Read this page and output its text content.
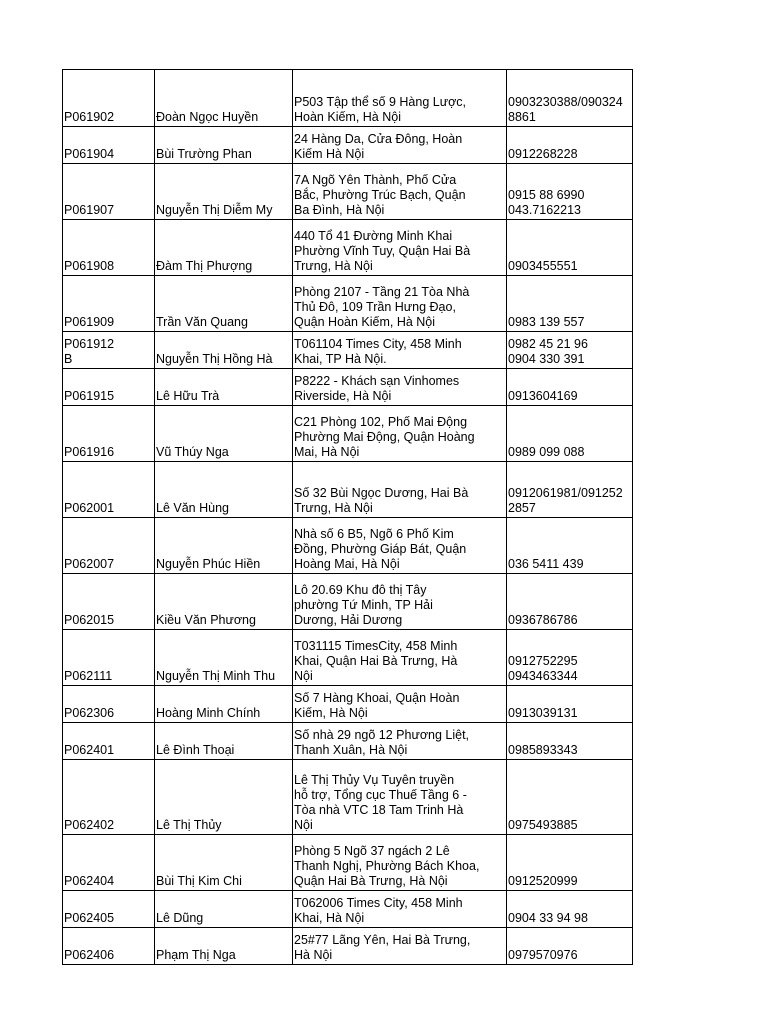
P061902	Đoàn Ngọc Huyền	P503 Tập thể số 9 Hàng Lược,
Hoàn Kiếm, Hà Nội	0903230388/090324
8861
P061904	Bùi Trường Phan	24 Hàng Da, Cửa Đông, Hoàn
Kiếm Hà Nội	0912268228
P061907	Nguyễn Thị Diễm My	7A Ngõ Yên Thành, Phố Cửa
Bắc, Phường Trúc Bạch, Quận
Ba Đình, Hà Nội	0915 88 6990
043.7162213
P061908	Đàm Thị Phượng	440 Tổ 41 Đường Minh Khai
Phường Vĩnh Tuy, Quận Hai Bà
Trưng, Hà Nội	0903455551
P061909	Trần Văn Quang	Phòng 2107 - Tầng 21 Tòa Nhà
Thủ Đô, 109 Trần Hưng Đạo,
Quận Hoàn Kiếm, Hà Nội	0983 139 557
P061912
B	Nguyễn Thị Hồng Hà	T061104 Times City, 458 Minh
Khai, TP Hà Nội.	0982 45 21 96
0904 330 391
P061915	Lê Hữu Trà	P8222 - Khách sạn Vinhomes
Riverside, Hà Nội	0913604169
P061916	Vũ Thúy Nga	C21 Phòng 102, Phố Mai Động
Phường Mai Động, Quận Hoàng
Mai, Hà Nội	0989 099 088
P062001	Lê Văn Hùng	Số 32 Bùi Ngọc Dương, Hai Bà
Trưng, Hà Nội	0912061981/091252
2857
P062007	Nguyễn Phúc Hiền	Nhà số 6 B5, Ngõ 6 Phố Kim
Đồng, Phường Giáp Bát, Quận
Hoàng Mai, Hà Nội	036 5411 439
P062015	Kiều Văn Phương	Lô 20.69 Khu đô thị Tây
phường Tứ Minh, TP Hải
Dương, Hải Dương	0936786786
P062111	Nguyễn Thị Minh Thu	T031115 TimesCity, 458 Minh
Khai, Quận Hai Bà Trưng, Hà
Nội	0912752295
0943463344
P062306	Hoàng Minh Chính	Số 7 Hàng Khoai, Quận Hoàn
Kiếm, Hà Nội	0913039131
P062401	Lê Đình Thoại	Số nhà 29 ngõ 12 Phương Liệt,
Thanh Xuân, Hà Nội	0985893343
P062402	Lê Thị Thủy	Lê Thị Thủy Vụ Tuyên truyền
hỗ trợ, Tổng cục Thuế Tầng 6 -
Tòa nhà VTC 18 Tam Trinh Hà
Nội	0975493885
P062404	Bùi Thị Kim Chi	Phòng 5 Ngõ 37 ngách 2 Lê
Thanh Nghị, Phường Bách Khoa,
Quận Hai Bà Trưng, Hà Nội	0912520999
P062405	Lê Dũng	T062006 Times City, 458 Minh
Khai, Hà Nội	0904 33 94 98
P062406	Phạm Thị Nga	25#77 Lãng Yên, Hai Bà Trưng,
Hà Nội	0979570976
